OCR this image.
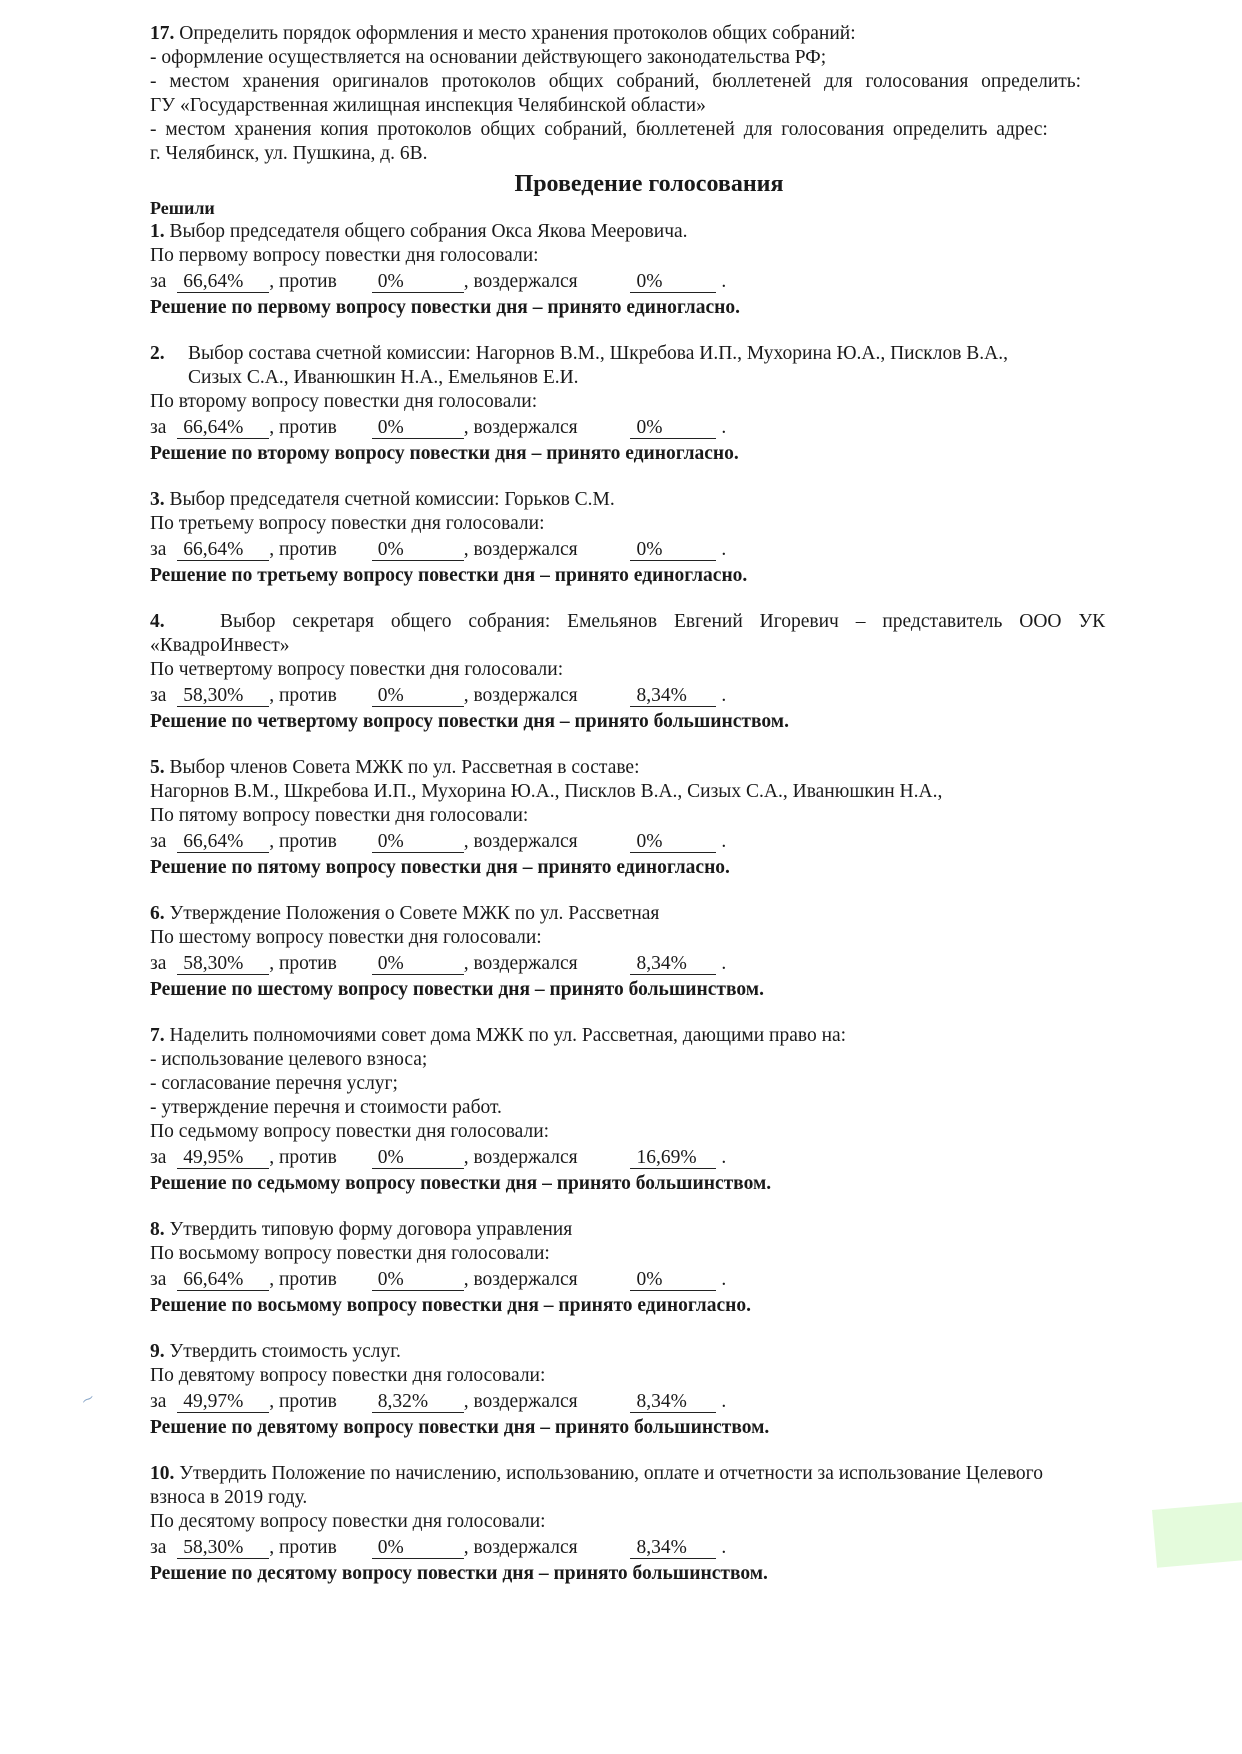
17. Определить порядок оформления и место хранения протоколов общих собраний:
- оформление осуществляется на основании действующего законодательства РФ;
- местом хранения оригиналов протоколов общих собраний, бюллетеней для голосования определить:
ГУ «Государственная жилищная инспекция Челябинской области»
- местом хранения копия протоколов общих собраний, бюллетеней для голосования определить адрес:
г. Челябинск, ул. Пушкина, д. 6В.
Проведение голосования
Решили
1. Выбор председателя общего собрания Окса Якова Мееровича.
По первому вопросу повестки дня голосовали:
за 66,64% , против 0%	, воздержался	0%	.
Решение по первому вопросу повестки дня – принято единогласно.
2. Выбор состава счетной комиссии: Нагорнов В.М., Шкребова И.П., Мухорина Ю.А., Писклов В.А.,
Сизых С.А., Иванюшкин Н.А., Емельянов Е.И.
По второму вопросу повестки дня голосовали:
за 66,64% , против 0%	, воздержался	0%	.
Решение по второму вопросу повестки дня – принято единогласно.
3. Выбор председателя счетной комиссии: Горьков С.М.
По третьему вопросу повестки дня голосовали:
за 66,64% , против 0%	, воздержался	0%	.
Решение по третьему вопросу повестки дня – принято единогласно.
4.	Выбор секретаря общего собрания: Емельянов Евгений Игоревич – представитель ООО УК
«КвадроИнвест»
По четвертому вопросу повестки дня голосовали:
за 58,30% , против 0%	, воздержался	8,34% .
Решение по четвертому вопросу повестки дня – принято большинством.
5. Выбор членов Совета МЖК по ул. Рассветная в составе:
Нагорнов В.М., Шкребова И.П., Мухорина Ю.А., Писклов В.А., Сизых С.А., Иванюшкин Н.А.,
По пятому вопросу повестки дня голосовали:
за 66,64% , против 0%	, воздержался	0%	.
Решение по пятому вопросу повестки дня – принято единогласно.
6. Утверждение Положения о Совете МЖК по ул. Рассветная
По шестому вопросу повестки дня голосовали:
за 58,30% , против 0%	, воздержался	8,34% .
Решение по шестому вопросу повестки дня – принято большинством.
7. Наделить полномочиями совет дома МЖК по ул. Рассветная, дающими право на:
- использование целевого взноса;
- согласование перечня услуг;
- утверждение перечня и стоимости работ.
По седьмому вопросу повестки дня голосовали:
за 49,95% , против 0%	, воздержался	16,69% .
Решение по седьмому вопросу повестки дня – принято большинством.
8. Утвердить типовую форму договора управления
По восьмому вопросу повестки дня голосовали:
за 66,64% , против 0%	, воздержался	0%	.
Решение по восьмому вопросу повестки дня – принято единогласно.
9. Утвердить стоимость услуг.
По девятому вопросу повестки дня голосовали:
за 49,97% , против 8,32% , воздержался	8,34% .
Решение по девятому вопросу повестки дня – принято большинством.
10. Утвердить Положение по начислению, использованию, оплате и отчетности за использование Целевого
взноса в 2019 году.
По десятому вопросу повестки дня голосовали:
за 58,30% , против 0%	, воздержался	8,34% .
Решение по десятому вопросу повестки дня – принято большинством.
⁓
